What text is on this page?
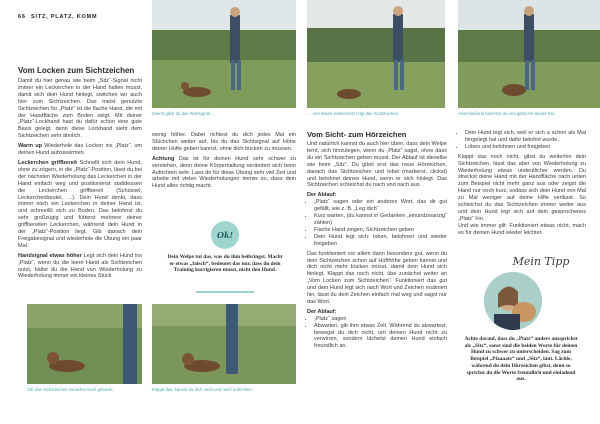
66 SITZ, PLATZ, KOMM
Zuerst gibst du das Wortsignal …	… und etwas zeitversetzt folgt das Sichtzeichen.	Anschließend belohnst du und gibst ihn wieder frei.
Vom Locken zum Sichtzeichen

Damit du hier genau wie beim „Sitz“-Signal nicht immer ein Leckerchen in der Hand halten musst, damit sich dein Hund hinlegt, switchen wir auch hier zum Sichtzeichen. Das meist genutzte Sichtzeichen für „Platz“ ist die flache Hand, die mit der Handfläche zum Boden zeigt. Mit deiner „Platz“-Lockhand hast du dafür schon eine gute Basis gelegt, denn diese Lockhand sieht dem Sichtzeichen sehr ähnlich.

Warm up Wiederhole das Locken ins „Platz“, um deinen Hund aufzuwärmen.

Leckerchen griffbereit Schnellt sich dein Hund, ohne zu zögern, in die „Platz“-Position, lässt du bei der nächsten Wiederholung das Leckerchen in der Hand einfach weg und positionierst stattdessen die Leckerchen griffbereit (Schüssel, Leckerchenbeutel, …). Dein Hund denkt, dass immer noch ein Leckerchen in deiner Hand ist, und schmeißt sich zu Boden. Das belohnst du sehr großzügig und fütterst mehrere deiner griffbereiten Leckerchen, während dein Hund in der „Platz“-Position liegt. Gib danach dein Freigabesignal und wiederhole die Übung ein paar Mal.

Handsignal etwas höher Legt sich dein Hund ins „Platz“, wenn du die leere Hand als Sichtzeichen nutzt, hältst du die Hand von Wiederholung zu Wiederholung immer ein kleines Stück

wenig höher. Dabei richtest du dich jedes Mal ein Stückchen weiter auf, bis du das Sichtsignal auf Höhe deiner Hüfte geben kannst, ohne dich bücken zu müssen.

Achtung Das ist für deinen Hund sehr schwer zu verstehen, denn deine Körperhaltung verändert sich beim Aufrichten sehr. Lass dir für diese Übung sehr viel Zeit und arbeite mit vielen Wiederholungen immer so, dass dein Hund alles richtig macht.

Ok!
Dein Welpe tut das, was du ihm beibringst. Macht er etwas „falsch“, bedeutet das nur, dass du dein Training korrigieren musst, nicht den Hund.
Gib das Sichtzeichen zunächst noch gebückt.	Klappt das, kannst du dich nach und nach aufrichten.
Vom Sicht- zum Hörzeichen

Und natürlich kannst du auch hier üben, dass dein Welpe lernt, sich hinzulegen, wenn du „Platz“ sagst, ohne dass du ein Sichtzeichen geben musst. Der Ablauf ist dieselbe wie beim „Sitz“. Du gibst erst das neue Hörzeichen, danach das Sichtzeichen und lobst (markerst, clickst) und belohnst deinen Hund, wenn er sich hinlegt. Das Sichtzeichen schleichst du nach und nach aus.

Der Ablauf:

• „Platz“ sagen oder ein anderes Wort, das dir gut gefällt, wie z. B. „Leg dich“
• Kurz warten, (du kannst in Gedanken „einundzwanzig“ zählen)
• Flache Hand zeigen, Sichtzeichen geben
• Dein Hund legt sich: loben, belohnen und wieder freigeben

Das funktioniert vor allem dann besonders gut, wenn du dein Sichtzeichen schon auf Hüfthöhe geben kannst und dich nicht mehr bücken musst, damit dein Hund sich hinlegt. Klappt das noch nicht, übe zunächst weiter an „Vom Locken zum Sichtzeichen“. Funktioniert das gut und dein Hund legt sich nach Wort und Zeichen routiniert hin, lässt du dein Zeichen einfach mal weg und sagst nur das Wort.

Der Ablauf:

• „Platz“ sagen
• Abwarten, gib ihm etwas Zeit. Während du abwartest, bewegst du dich nicht, um deinen Hund nicht zu verwirren, sondern lächelst deinen Hund einfach freundlich an.
• Dein Hund legt sich, weil er sich a schon als Mal hingelegt hat und dafür belohnt wurde.
• Loben und belohnen und freigeben

Klappt das noch nicht, gibst du weiterhin dein Sichtzeichen, lässt das aber von Wiederholung zu Wiederholung etwas undeutlicher werden. Du streckst deine Hand mit der Handfläche nach unten zum Beispiel nicht mehr ganz aus oder zeigst die Hand nur noch kurz, sodass sich dein Hund von Mal zu Mal weniger auf deine Hilfe verlässt. So schleichst du das Sichtzeichen immer weiter aus und dein Hund legt sich auf dein gesprochenes „Platz“ hin.

Und wie immer gilt: Funktioniert etwas nicht, mach es für deinen Hund wieder leichter.

Mein Tipp
Achte darauf, dass du „Platz“ anders aussprichst als „Sitz“, sonst sind die beiden Worte für deinen Hund zu schwer zu unterscheiden. Sag zum Beispiel „Plaaaatz“ und „Sitz“, laut. Lächle, während du dein Hörzeichen gibst, denn so sprichst du die Worte freundlich und einladend aus.
